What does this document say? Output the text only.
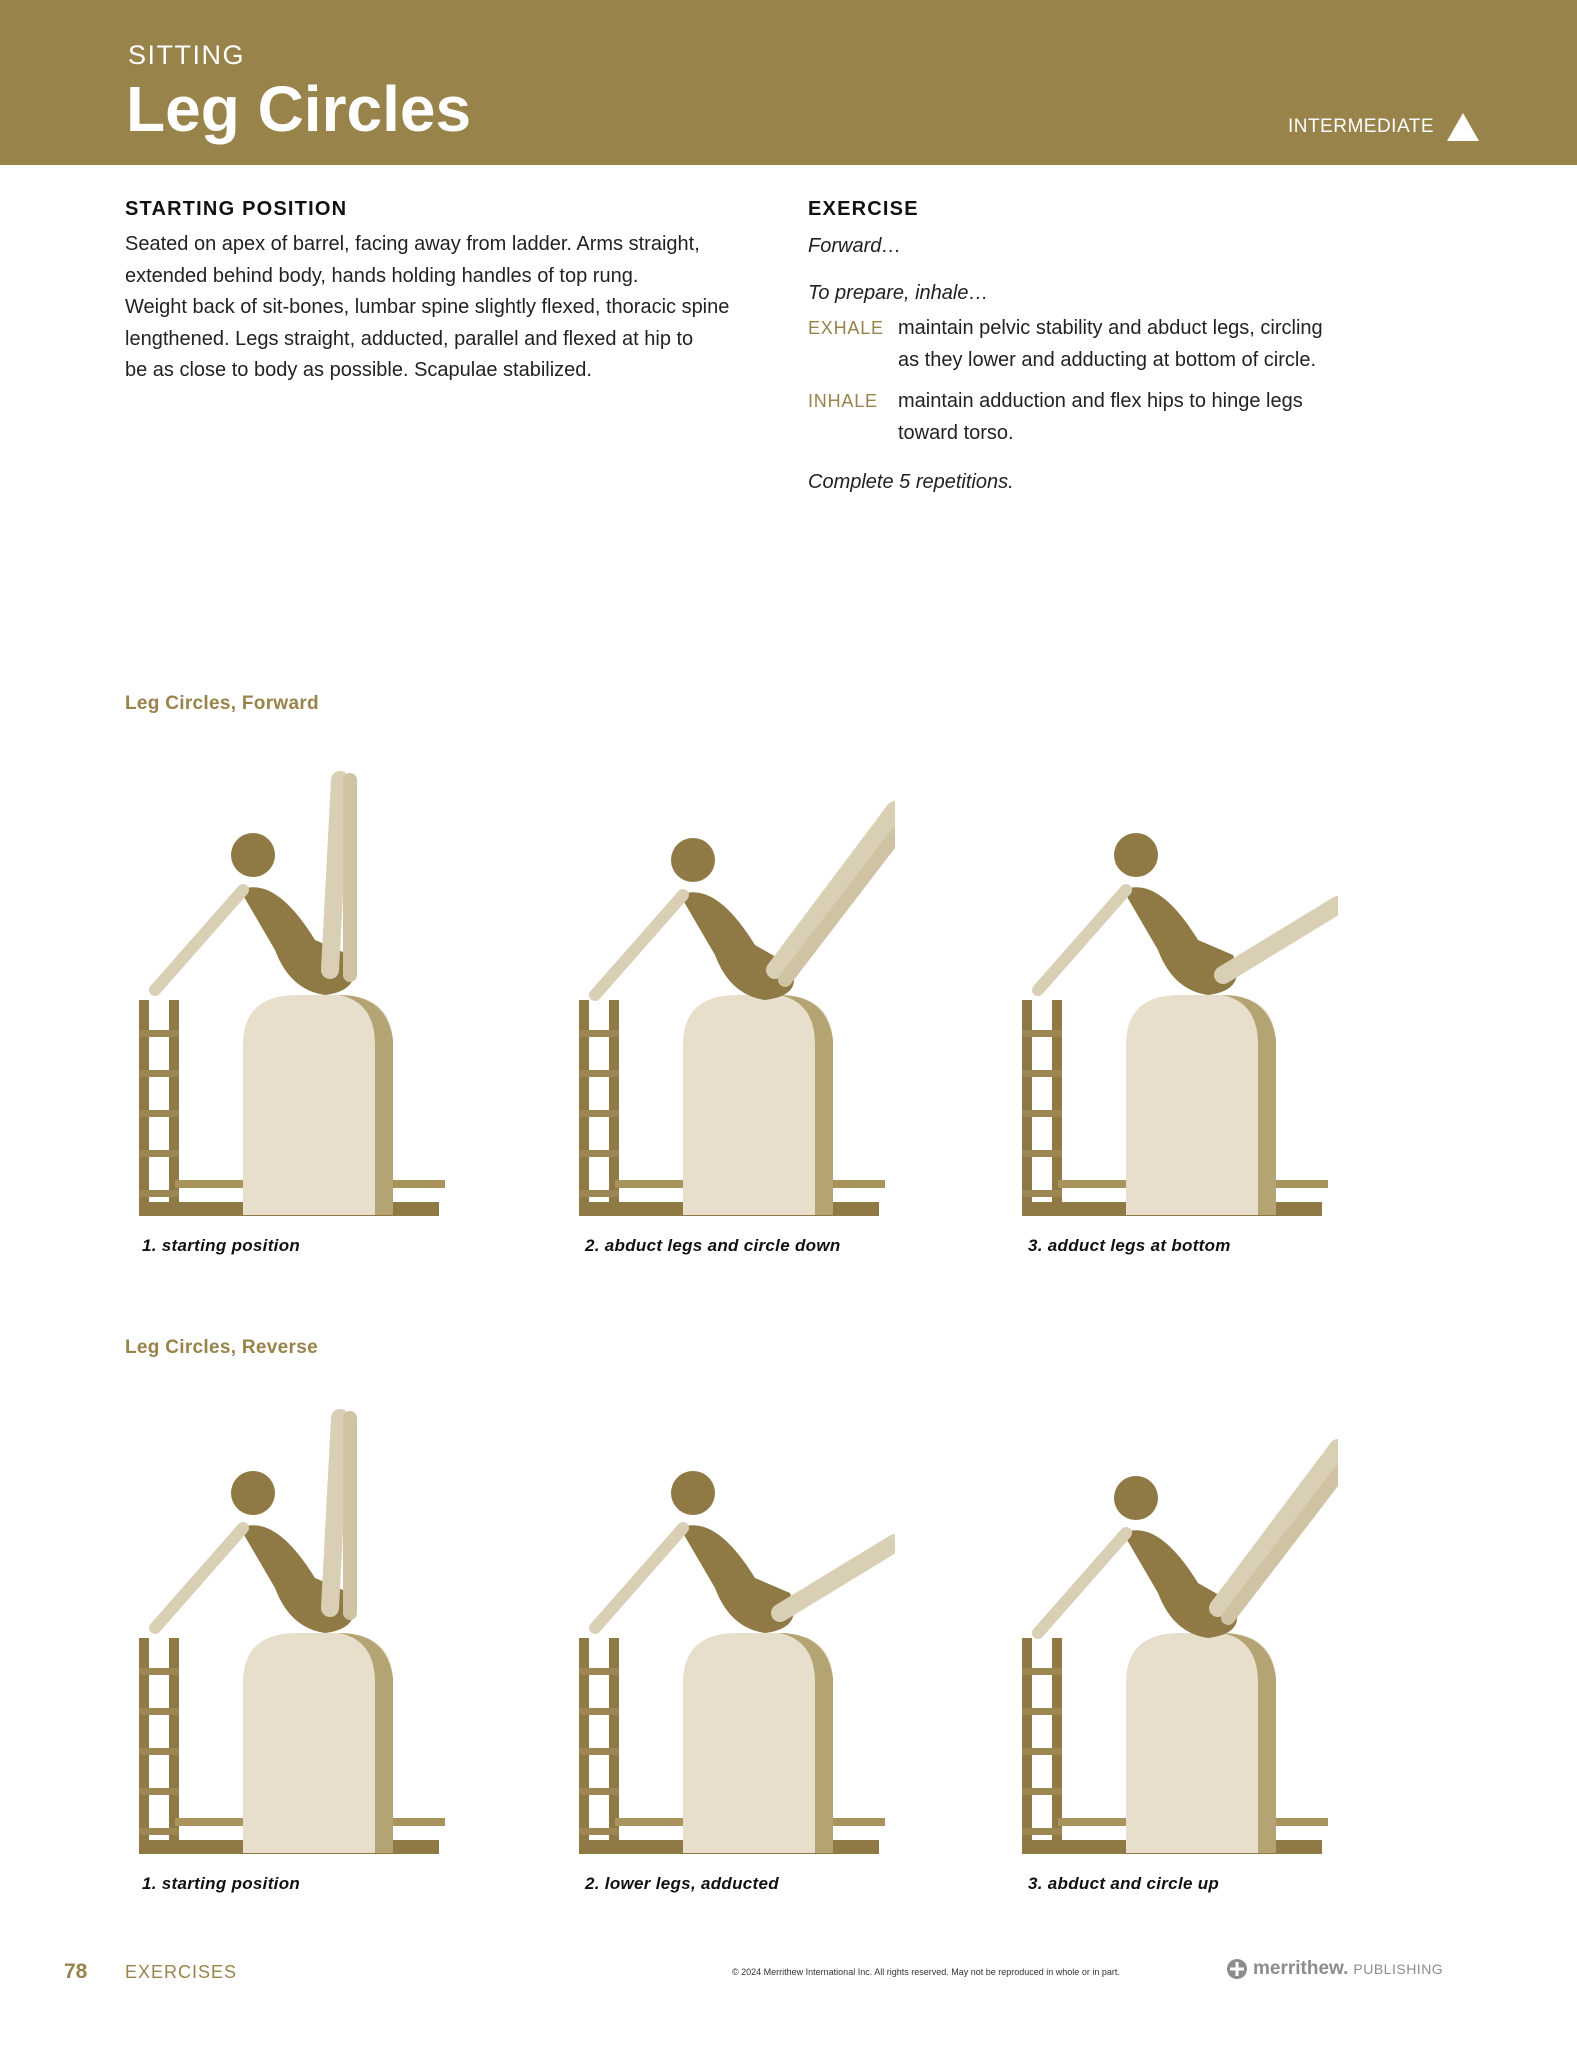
SITTING
Leg Circles	INTERMEDIATE

STARTING POSITION

Seated on apex of barrel, facing away from ladder. Arms straight,
extended behind body, hands holding handles of top rung.
Weight back of sit-bones, lumbar spine slightly flexed, thoracic spine
lengthened. Legs straight, adducted, parallel and flexed at hip to
be as close to body as possible. Scapulae stabilized.

EXERCISE

Forward…

To prepare, inhale…

EXHALE maintain pelvic stability and abduct legs, circling
as they lower and adducting at bottom of circle.
INHALE	maintain adduction and flex hips to hinge legs
toward torso.

Complete 5 repetitions.

Leg Circles, Forward
1. starting position	2. abduct legs and circle down	3. adduct legs at bottom
Leg Circles, Reverse
1. starting position	2. lower legs, adducted	3. abduct and circle up
78 EXERCISES	© 2024 Merrithew International Inc. All rights reserved. May not be reproduced in whole or in part.	merrithew. PUBLISHING
